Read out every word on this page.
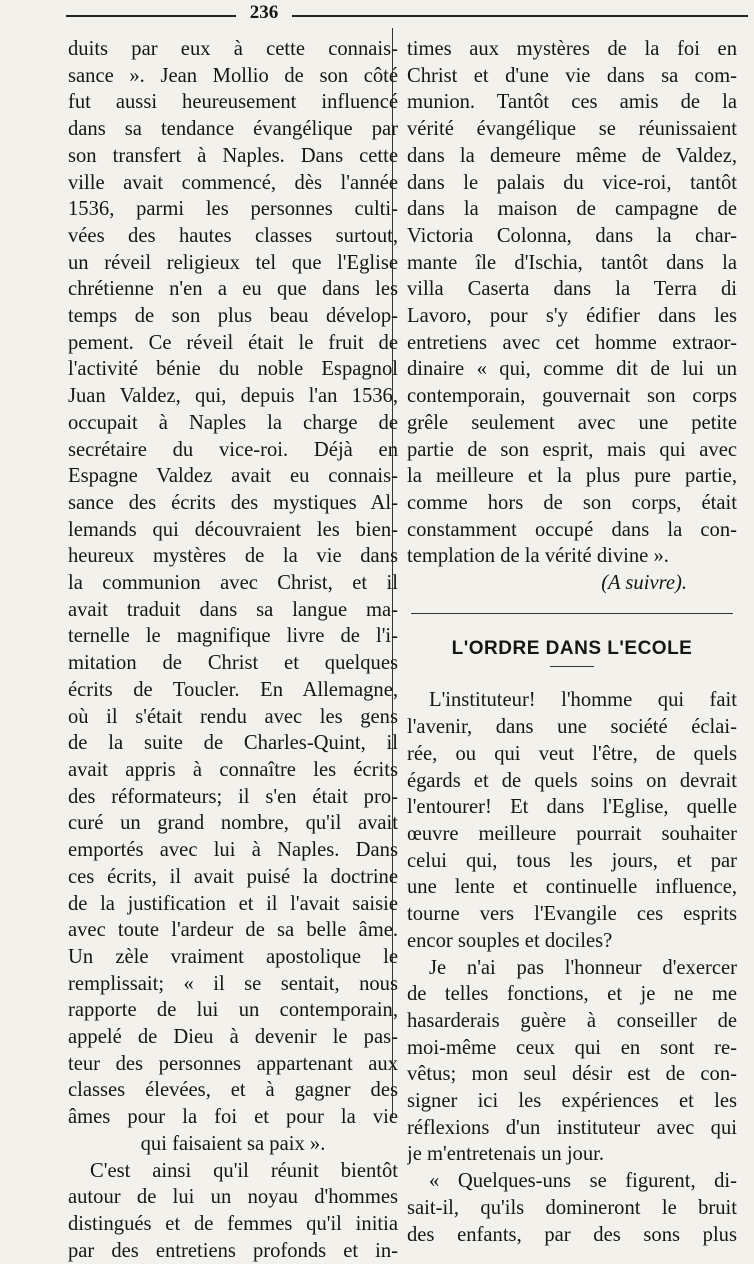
236
duits par eux à cette connais-
sance ». Jean Mollio de son côté
fut aussi heureusement influencé
dans sa tendance évangélique par
son transfert à Naples. Dans cette
ville avait commencé, dès l'année
1536, parmi les personnes culti-
vées des hautes classes surtout,
un réveil religieux tel que l'Eglise
chrétienne n'en a eu que dans les
temps de son plus beau dévelop-
pement. Ce réveil était le fruit de
l'activité bénie du noble Espagnol
Juan Valdez, qui, depuis l'an 1536,
occupait à Naples la charge de
secrétaire du vice-roi. Déjà en
Espagne Valdez avait eu connais-
sance des écrits des mystiques Al-
lemands qui découvraient les bien-
heureux mystères de la vie dans
la communion avec Christ, et il
avait traduit dans sa langue ma-
ternelle le magnifique livre de l'i-
mitation de Christ et quelques
écrits de Toucler. En Allemagne,
où il s'était rendu avec les gens
de la suite de Charles-Quint, il
avait appris à connaître les écrits
des réformateurs; il s'en était pro-
curé un grand nombre, qu'il avait
emportés avec lui à Naples. Dans
ces écrits, il avait puisé la doctrine
de la justification et il l'avait saisie
avec toute l'ardeur de sa belle âme.
Un zèle vraiment apostolique le
remplissait; « il se sentait, nous
rapporte de lui un contemporain,
appelé de Dieu à devenir le pas-
teur des personnes appartenant aux
classes élevées, et à gagner des
âmes pour la foi et pour la vie
qui faisaient sa paix ».
C'est ainsi qu'il réunit bientôt
autour de lui un noyau d'hommes
distingués et de femmes qu'il initia
par des entretiens profonds et in-
times aux mystères de la foi en
Christ et d'une vie dans sa com-
munion. Tantôt ces amis de la
vérité évangélique se réunissaient
dans la demeure même de Valdez,
dans le palais du vice-roi, tantôt
dans la maison de campagne de
Victoria Colonna, dans la char-
mante île d'Ischia, tantôt dans la
villa Caserta dans la Terra di
Lavoro, pour s'y édifier dans les
entretiens avec cet homme extraor-
dinaire « qui, comme dit de lui un
contemporain, gouvernait son corps
grêle seulement avec une petite
partie de son esprit, mais qui avec
la meilleure et la plus pure partie,
comme hors de son corps, était
constamment occupé dans la con-
templation de la vérité divine ».
(A suivre).
L'ORDRE DANS L'ECOLE
L'instituteur! l'homme qui fait
l'avenir, dans une société éclai-
rée, ou qui veut l'être, de quels
égards et de quels soins on devrait
l'entourer! Et dans l'Eglise, quelle
œuvre meilleure pourrait souhaiter
celui qui, tous les jours, et par
une lente et continuelle influence,
tourne vers l'Evangile ces esprits
encor souples et dociles?
Je n'ai pas l'honneur d'exercer
de telles fonctions, et je ne me
hasarderais guère à conseiller de
moi-même ceux qui en sont re-
vêtus; mon seul désir est de con-
signer ici les expériences et les
réflexions d'un instituteur avec qui
je m'entretenais un jour.
« Quelques-uns se figurent, di-
sait-il, qu'ils domineront le bruit
des enfants, par des sons plus
